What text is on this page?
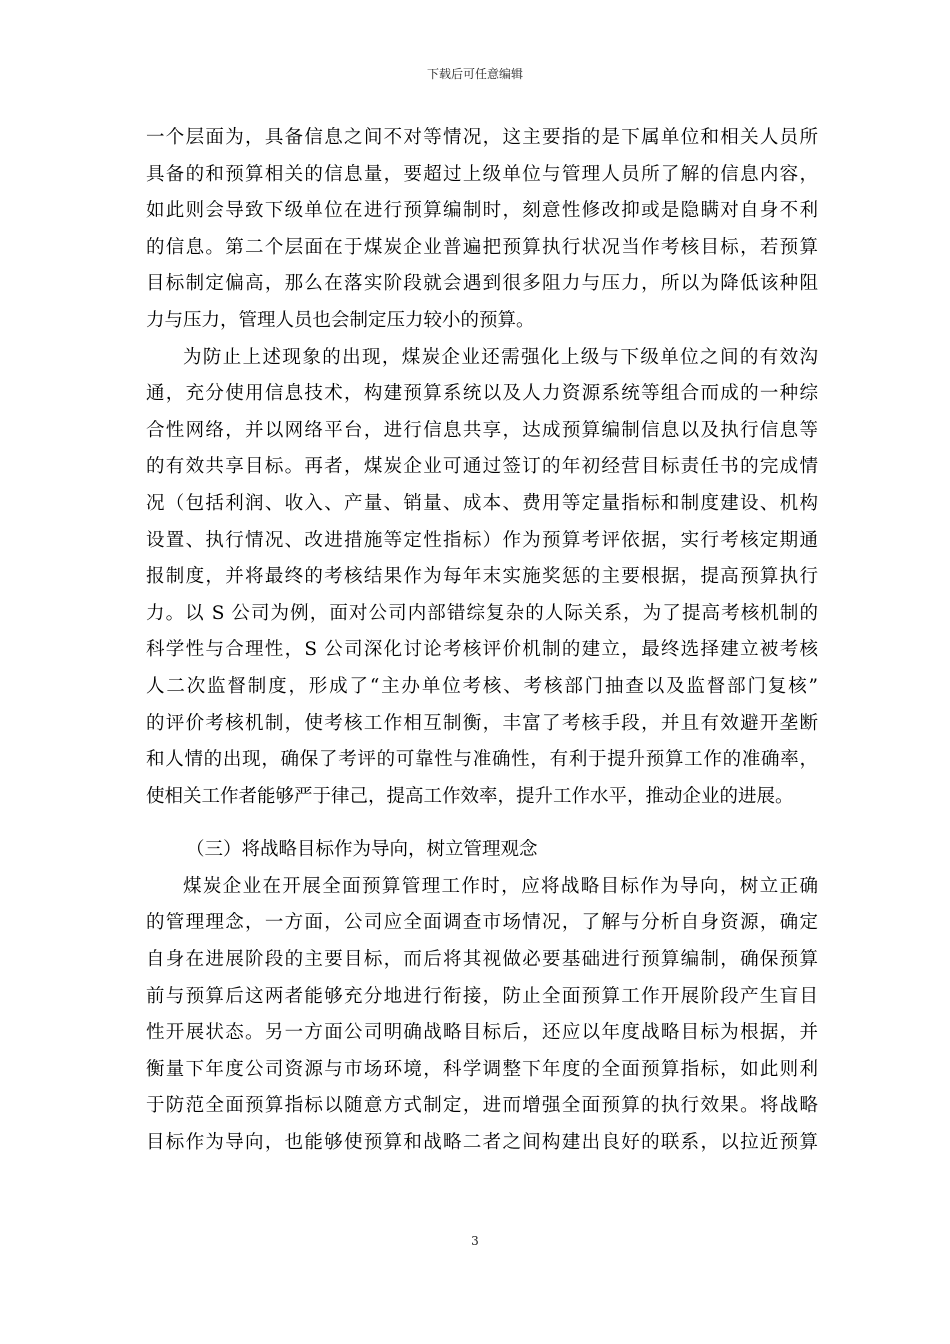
下载后可任意编辑
一个层面为，具备信息之间不对等情况，这主要指的是下属单位和相关人员所
具备的和预算相关的信息量，要超过上级单位与管理人员所了解的信息内容，
如此则会导致下级单位在进行预算编制时，刻意性修改抑或是隐瞒对自身不利
的信息。第二个层面在于煤炭企业普遍把预算执行状况当作考核目标，若预算
目标制定偏高，那么在落实阶段就会遇到很多阻力与压力，所以为降低该种阻
力与压力，管理人员也会制定压力较小的预算。
为防止上述现象的出现，煤炭企业还需强化上级与下级单位之间的有效沟
通，充分使用信息技术，构建预算系统以及人力资源系统等组合而成的一种综
合性网络，并以网络平台，进行信息共享，达成预算编制信息以及执行信息等
的有效共享目标。再者，煤炭企业可通过签订的年初经营目标责任书的完成情
况（包括利润、收入、产量、销量、成本、费用等定量指标和制度建设、机构
设置、执行情况、改进措施等定性指标）作为预算考评依据，实行考核定期通
报制度，并将最终的考核结果作为每年末实施奖惩的主要根据，提高预算执行
力。以 S 公司为例，面对公司内部错综复杂的人际关系，为了提高考核机制的
科学性与合理性，S 公司深化讨论考核评价机制的建立，最终选择建立被考核
人二次监督制度，形成了“主办单位考核、考核部门抽查以及监督部门复核”
的评价考核机制，使考核工作相互制衡，丰富了考核手段，并且有效避开垄断
和人情的出现，确保了考评的可靠性与准确性，有利于提升预算工作的准确率，
使相关工作者能够严于律己，提高工作效率，提升工作水平，推动企业的进展。
（三）将战略目标作为导向，树立管理观念
煤炭企业在开展全面预算管理工作时，应将战略目标作为导向，树立正确
的管理理念，一方面，公司应全面调查市场情况，了解与分析自身资源，确定
自身在进展阶段的主要目标，而后将其视做必要基础进行预算编制，确保预算
前与预算后这两者能够充分地进行衔接，防止全面预算工作开展阶段产生盲目
性开展状态。另一方面公司明确战略目标后，还应以年度战略目标为根据，并
衡量下年度公司资源与市场环境，科学调整下年度的全面预算指标，如此则利
于防范全面预算指标以随意方式制定，进而增强全面预算的执行效果。将战略
目标作为导向，也能够使预算和战略二者之间构建出良好的联系，以拉近预算
3
